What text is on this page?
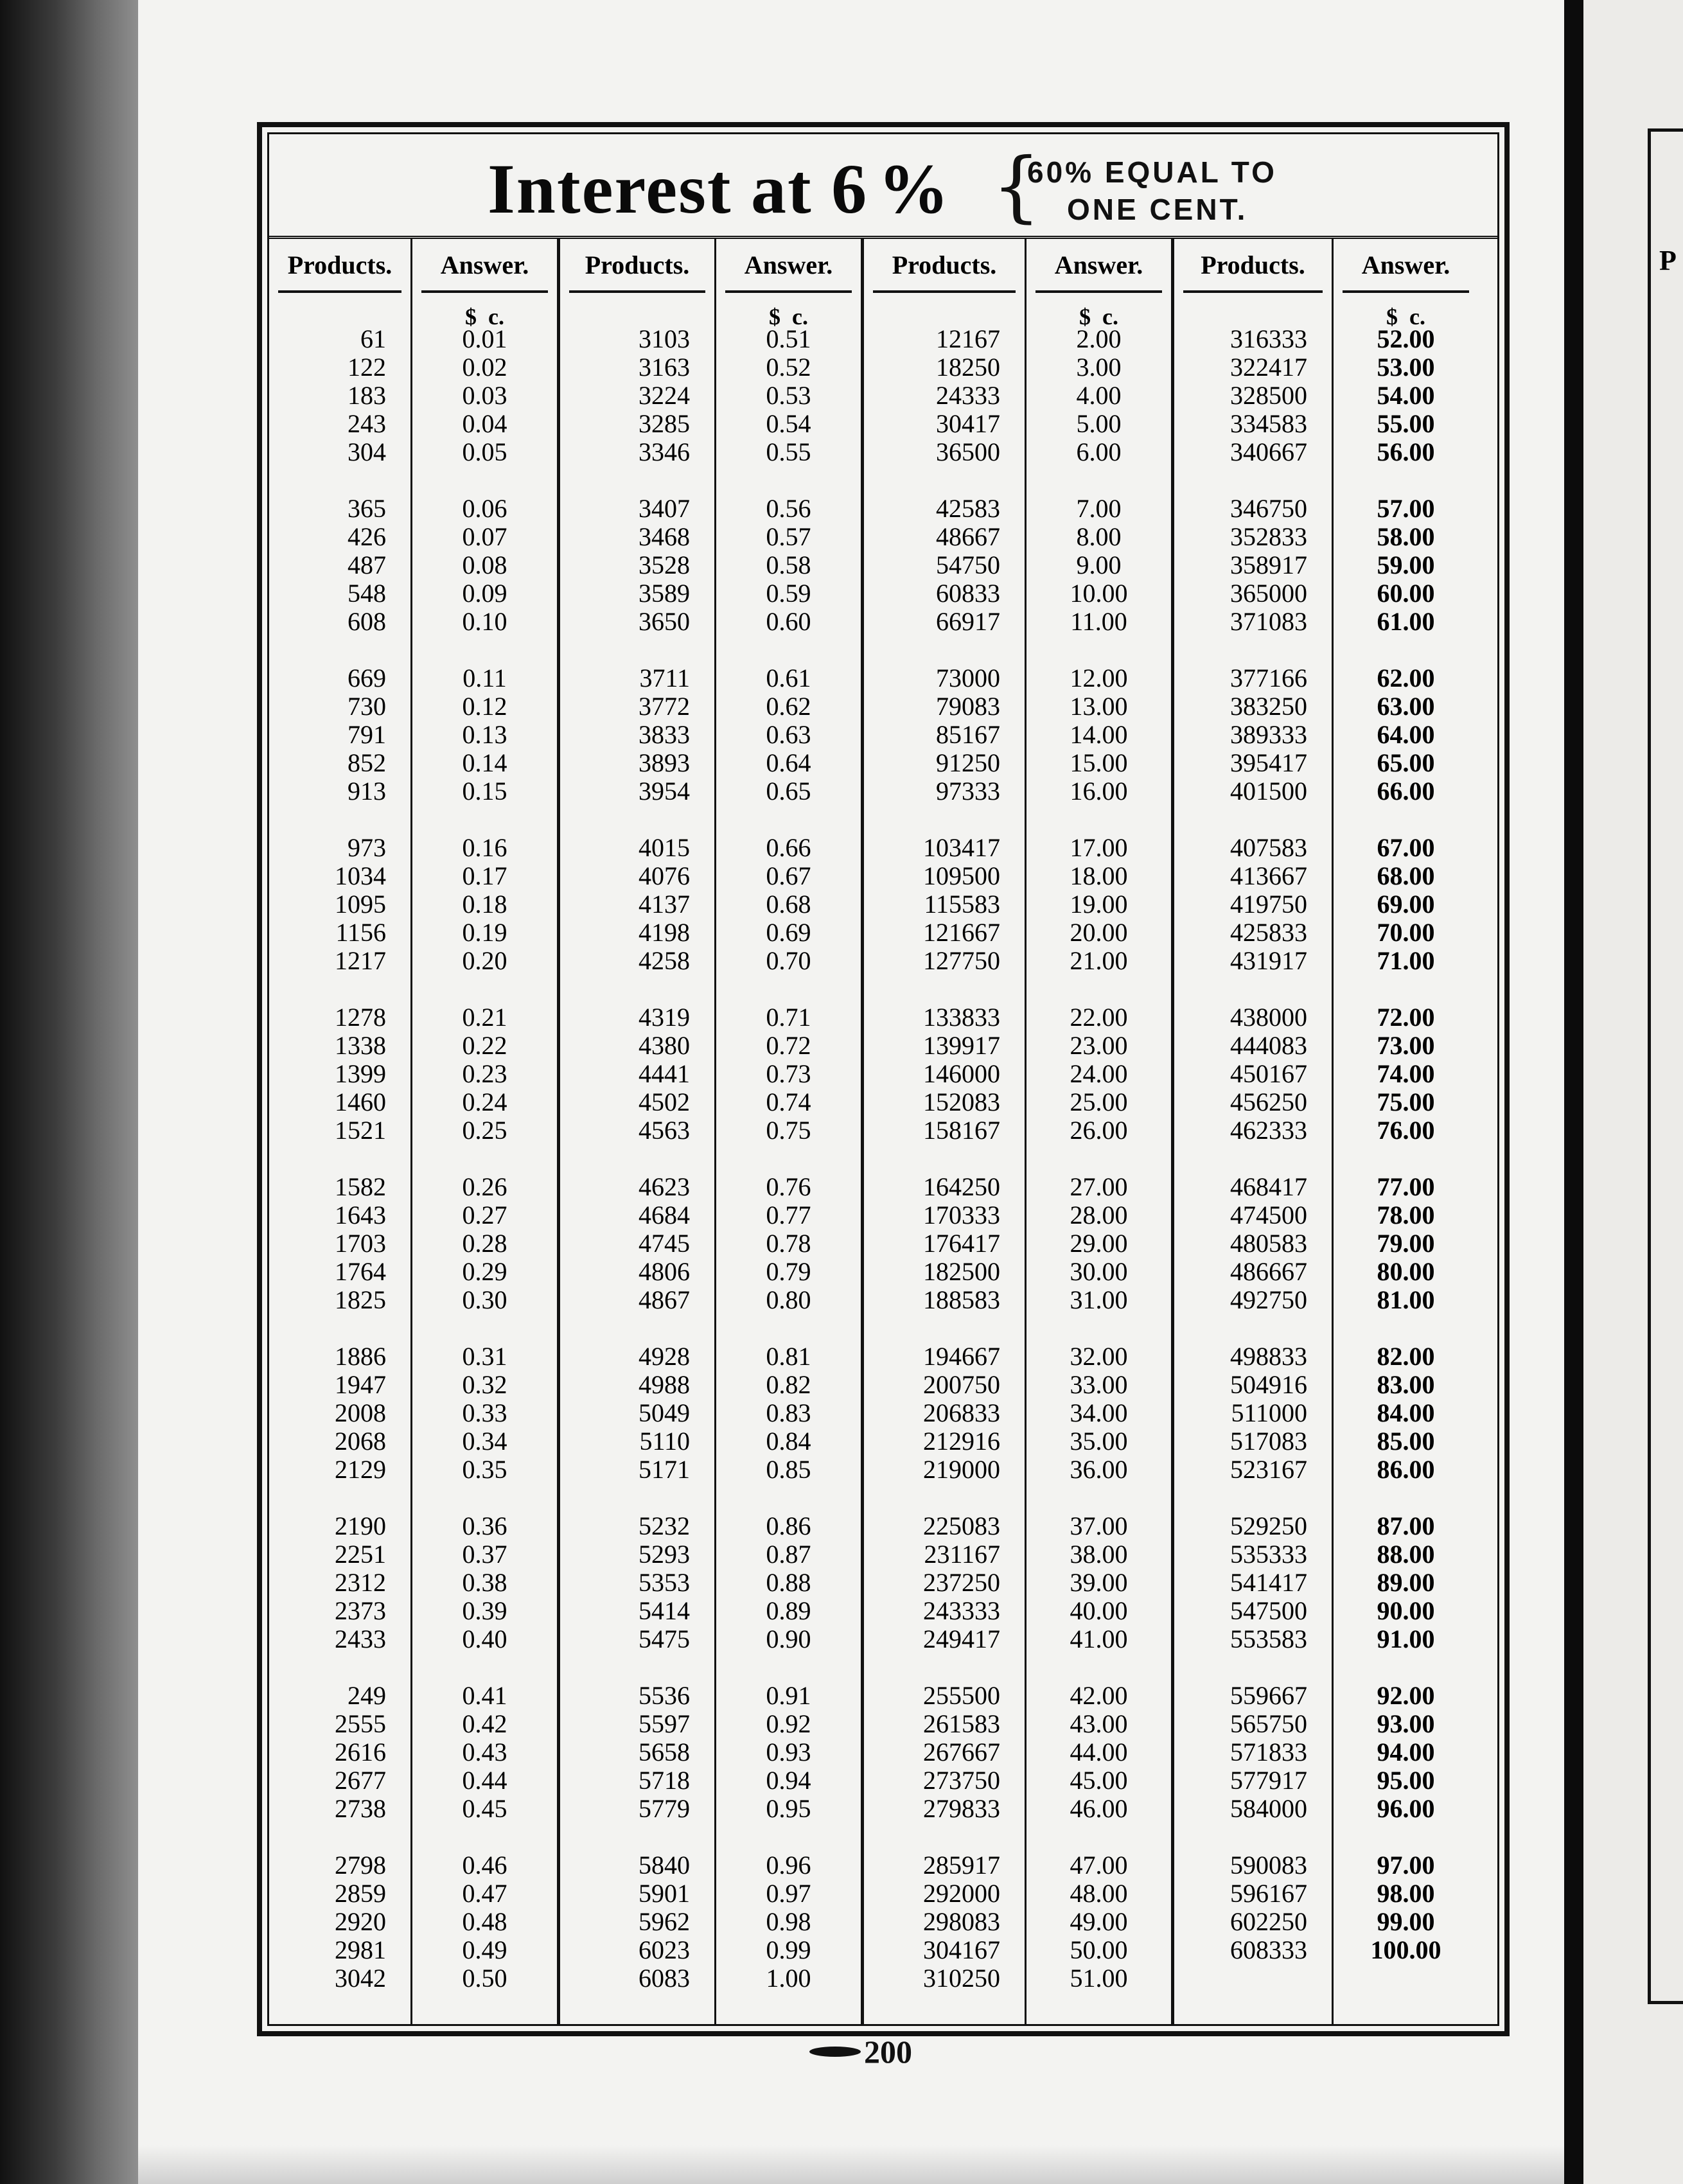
P
Interest at 6 % {
60% EQUAL TO
ONE CENT.
Products.
61
122
183
243
304
365
426
487
548
608
669
730
791
852
913
973
1034
1095
1156
1217
1278
1338
1399
1460
1521
1582
1643
1703
1764
1825
1886
1947
2008
2068
2129
2190
2251
2312
2373
2433
249
2555
2616
2677
2738
2798
2859
2920
2981
3042
Answer.
$ c.
0.01
0.02
0.03
0.04
0.05
0.06
0.07
0.08
0.09
0.10
0.11
0.12
0.13
0.14
0.15
0.16
0.17
0.18
0.19
0.20
0.21
0.22
0.23
0.24
0.25
0.26
0.27
0.28
0.29
0.30
0.31
0.32
0.33
0.34
0.35
0.36
0.37
0.38
0.39
0.40
0.41
0.42
0.43
0.44
0.45
0.46
0.47
0.48
0.49
0.50
Products.
3103
3163
3224
3285
3346
3407
3468
3528
3589
3650
3711
3772
3833
3893
3954
4015
4076
4137
4198
4258
4319
4380
4441
4502
4563
4623
4684
4745
4806
4867
4928
4988
5049
5110
5171
5232
5293
5353
5414
5475
5536
5597
5658
5718
5779
5840
5901
5962
6023
6083
Answer.
$ c.
0.51
0.52
0.53
0.54
0.55
0.56
0.57
0.58
0.59
0.60
0.61
0.62
0.63
0.64
0.65
0.66
0.67
0.68
0.69
0.70
0.71
0.72
0.73
0.74
0.75
0.76
0.77
0.78
0.79
0.80
0.81
0.82
0.83
0.84
0.85
0.86
0.87
0.88
0.89
0.90
0.91
0.92
0.93
0.94
0.95
0.96
0.97
0.98
0.99
1.00
Products.
12167
18250
24333
30417
36500
42583
48667
54750
60833
66917
73000
79083
85167
91250
97333
103417
109500
115583
121667
127750
133833
139917
146000
152083
158167
164250
170333
176417
182500
188583
194667
200750
206833
212916
219000
225083
231167
237250
243333
249417
255500
261583
267667
273750
279833
285917
292000
298083
304167
310250
Answer.
$ c.
2.00
3.00
4.00
5.00
6.00
7.00
8.00
9.00
10.00
11.00
12.00
13.00
14.00
15.00
16.00
17.00
18.00
19.00
20.00
21.00
22.00
23.00
24.00
25.00
26.00
27.00
28.00
29.00
30.00
31.00
32.00
33.00
34.00
35.00
36.00
37.00
38.00
39.00
40.00
41.00
42.00
43.00
44.00
45.00
46.00
47.00
48.00
49.00
50.00
51.00
Products.
316333
322417
328500
334583
340667
346750
352833
358917
365000
371083
377166
383250
389333
395417
401500
407583
413667
419750
425833
431917
438000
444083
450167
456250
462333
468417
474500
480583
486667
492750
498833
504916
511000
517083
523167
529250
535333
541417
547500
553583
559667
565750
571833
577917
584000
590083
596167
602250
608333
Answer.
$ c.
52.00
53.00
54.00
55.00
56.00
57.00
58.00
59.00
60.00
61.00
62.00
63.00
64.00
65.00
66.00
67.00
68.00
69.00
70.00
71.00
72.00
73.00
74.00
75.00
76.00
77.00
78.00
79.00
80.00
81.00
82.00
83.00
84.00
85.00
86.00
87.00
88.00
89.00
90.00
91.00
92.00
93.00
94.00
95.00
96.00
97.00
98.00
99.00
100.00
200
